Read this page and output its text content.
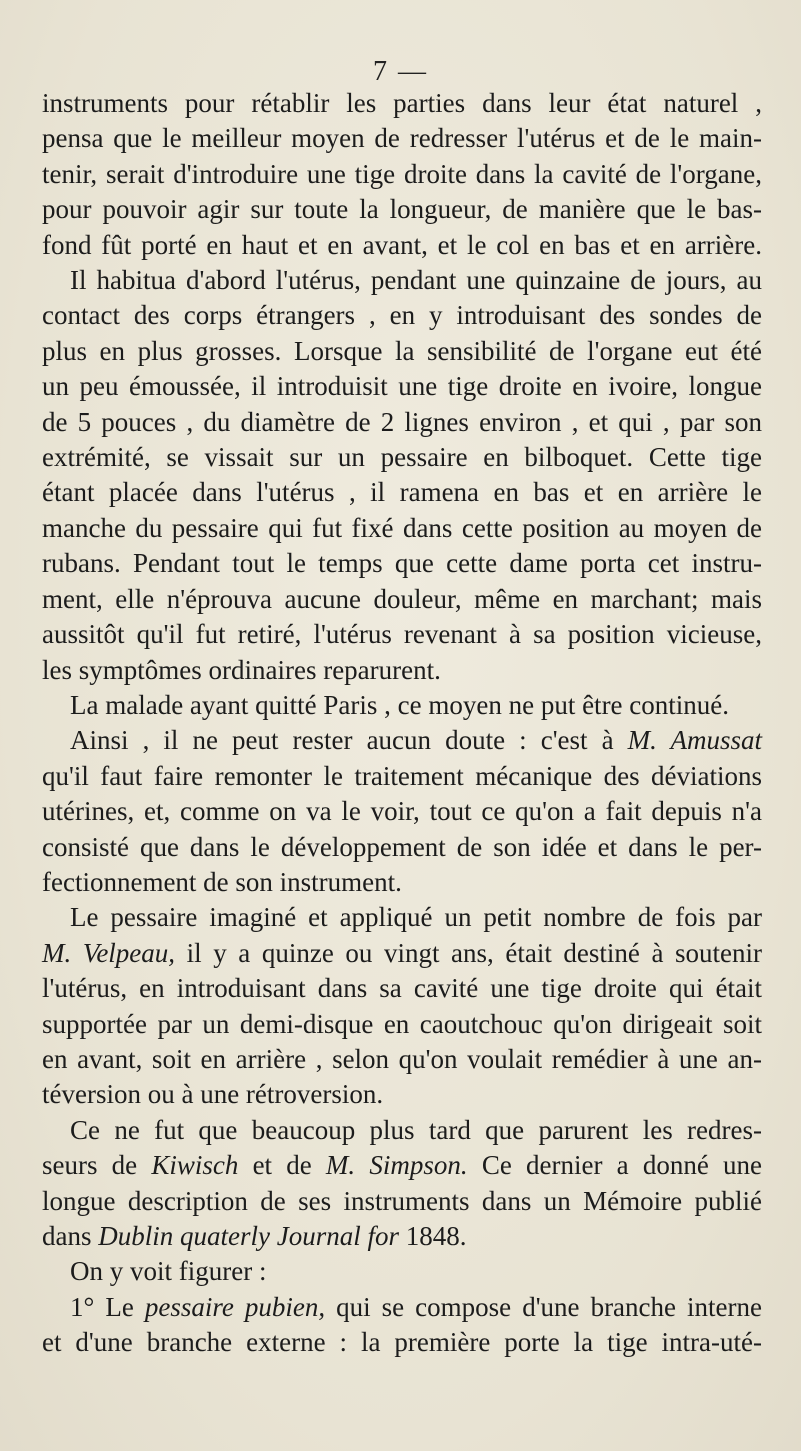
7 —

instruments pour rétablir les parties dans leur état naturel ,
pensa que le meilleur moyen de redresser l'utérus et de le main-
tenir, serait d'introduire une tige droite dans la cavité de l'organe,
pour pouvoir agir sur toute la longueur, de manière que le bas-
fond fût porté en haut et en avant, et le col en bas et en arrière.

Il habitua d'abord l'utérus, pendant une quinzaine de jours, au
contact des corps étrangers , en y introduisant des sondes de
plus en plus grosses. Lorsque la sensibilité de l'organe eut été
un peu émoussée, il introduisit une tige droite en ivoire, longue
de 5 pouces , du diamètre de 2 lignes environ , et qui , par son
extrémité, se vissait sur un pessaire en bilboquet. Cette tige
étant placée dans l'utérus , il ramena en bas et en arrière le
manche du pessaire qui fut fixé dans cette position au moyen de
rubans. Pendant tout le temps que cette dame porta cet instru-
ment, elle n'éprouva aucune douleur, même en marchant; mais
aussitôt qu'il fut retiré, l'utérus revenant à sa position vicieuse,
les symptômes ordinaires reparurent.

La malade ayant quitté Paris , ce moyen ne put être continué.

Ainsi , il ne peut rester aucun doute : c'est à M. Amussat
qu'il faut faire remonter le traitement mécanique des déviations
utérines, et, comme on va le voir, tout ce qu'on a fait depuis n'a
consisté que dans le développement de son idée et dans le per-
fectionnement de son instrument.

Le pessaire imaginé et appliqué un petit nombre de fois par
M. Velpeau, il y a quinze ou vingt ans, était destiné à soutenir
l'utérus, en introduisant dans sa cavité une tige droite qui était
supportée par un demi-disque en caoutchouc qu'on dirigeait soit
en avant, soit en arrière , selon qu'on voulait remédier à une an-
téversion ou à une rétroversion.

Ce ne fut que beaucoup plus tard que parurent les redres-
seurs de Kiwisch et de M. Simpson. Ce dernier a donné une
longue description de ses instruments dans un Mémoire publié
dans Dublin quaterly Journal for 1848.

On y voit figurer :

1° Le pessaire pubien, qui se compose d'une branche interne
et d'une branche externe : la première porte la tige intra-uté-
